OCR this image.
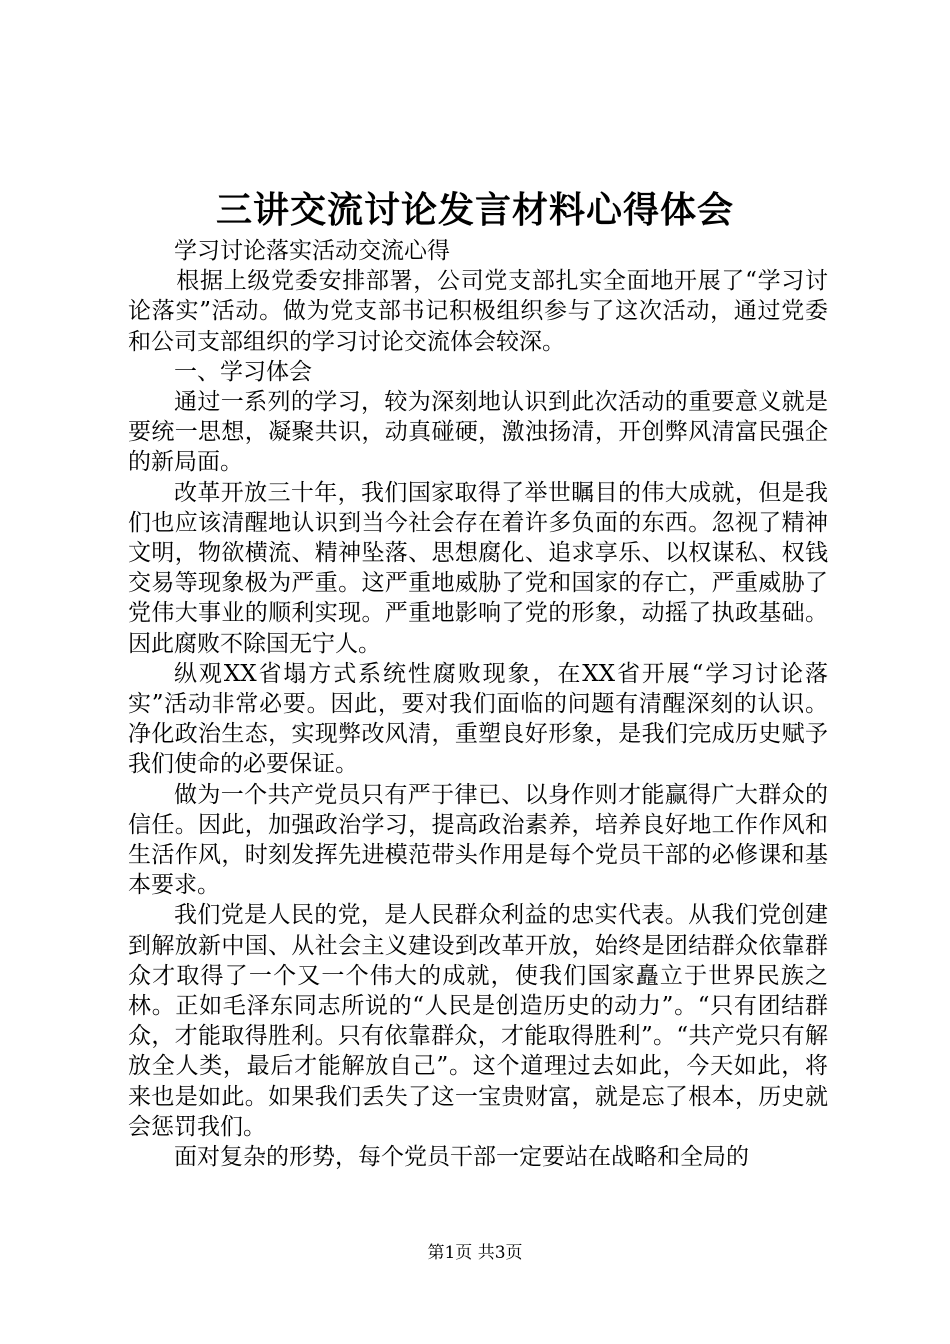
三讲交流讨论发言材料心得体会

学习讨论落实活动交流心得

根据上级党委安排部署，公司党支部扎实全面地开展了“学习讨论落实”活动。做为党支部书记积极组织参与了这次活动，通过党委和公司支部组织的学习讨论交流体会较深。

一、学习体会

通过一系列的学习，较为深刻地认识到此次活动的重要意义就是要统一思想，凝聚共识，动真碰硬，激浊扬清，开创弊风清富民强企的新局面。

改革开放三十年，我们国家取得了举世瞩目的伟大成就，但是我们也应该清醒地认识到当今社会存在着许多负面的东西。忽视了精神文明，物欲横流、精神坠落、思想腐化、追求享乐、以权谋私、权钱交易等现象极为严重。这严重地威胁了党和国家的存亡，严重威胁了党伟大事业的顺利实现。严重地影响了党的形象，动摇了执政基础。因此腐败不除国无宁人。

纵观XX省塌方式系统性腐败现象，在XX省开展“学习讨论落实”活动非常必要。因此，要对我们面临的问题有清醒深刻的认识。净化政治生态，实现弊改风清，重塑良好形象，是我们完成历史赋予我们使命的必要保证。

做为一个共产党员只有严于律已、以身作则才能赢得广大群众的信任。因此，加强政治学习，提高政治素养，培养良好地工作作风和生活作风，时刻发挥先进模范带头作用是每个党员干部的必修课和基本要求。

我们党是人民的党，是人民群众利益的忠实代表。从我们党创建到解放新中国、从社会主义建设到改革开放，始终是团结群众依靠群众才取得了一个又一个伟大的成就，使我们国家矗立于世界民族之林。正如毛泽东同志所说的“人民是创造历史的动力”。“只有团结群众，才能取得胜利。只有依靠群众，才能取得胜利”。“共产党只有解放全人类，最后才能解放自己”。这个道理过去如此，今天如此，将来也是如此。如果我们丢失了这一宝贵财富，就是忘了根本，历史就会惩罚我们。

面对复杂的形势，每个党员干部一定要站在战略和全局的

第1页 共3页
